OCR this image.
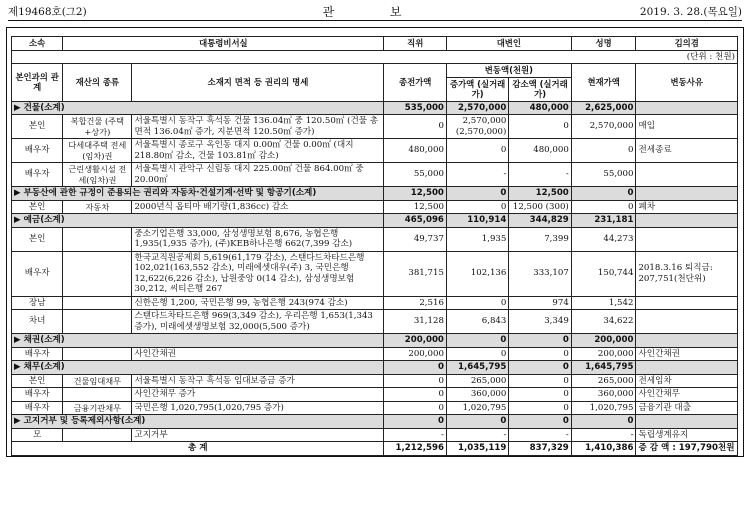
제19468호(그2)	관 보	2019. 3. 28.(목요일)
소속	대통령비서실		직위	대변인		성명	김의겸
(단위 : 천원)							
본인과의 관계	재산의 종류	소재지 면적 등 권리의 명세	종전가액	변동액(천원)		현재가액	변동사유
				증가액 (실거래가)	감소액 (실거래가)		
▶ 건물(소계)			535,000	2,570,000	480,000	2,625,000	
본인	복합건물 (주택+상가)	서울특별시 동작구 흑석동 건물 136.04㎡ 중 120.50㎡ (건물 총면적 136.04㎡ 증가, 지분면적 120.50㎡ 증가)	0	2,570,000 (2,570,000)	0	2,570,000	매입
배우자	다세대주택 전세(임차)권	서울특별시 종로구 옥인동 대지 0.00㎡ 건물 0.00㎡ (대지 218.80㎡ 감소, 건물 103.81㎡ 감소)	480,000	0	480,000	0	전세종료
배우자	근린생활시설 전세(임차)권	서울특별시 관악구 신림동 대지 225.00㎡ 건물 864.00㎡ 중 20.00㎡	55,000	-	-	55,000	
▶ 부동산에 관한 규정이 준용되는 권리와 자동차·건설기계·선박 및 항공기(소계)			12,500	0	12,500	0	
본인	자동차	2000년식 옵티마 배기량(1,836cc) 감소	12,500	0	12,500 (300)	0	폐차
▶ 예금(소계)			465,096	110,914	344,829	231,181	
본인		중소기업은행 33,000, 삼성생명보험 8,676, 농협은행 1,935(1,935 증가), (주)KEB하나은행 662(7,399 감소)	49,737	1,935	7,399	44,273	
배우자		한국교직원공제회 5,619(61,179 감소), 스탠다드차타드은행 102,021(163,552 감소), 미래에셋대우(주) 3, 국민은행 12,622(6,226 감소), 납원중앙 0(14 감소), 삼성생명보험 30,212, 씨티은행 267	381,715	102,136	333,107	150,744	2018.3.16 퇴직금: 207,751(천단위)
장남		신한은행 1,200, 국민은행 99, 농협은행 243(974 감소)	2,516	0	974	1,542	
차녀		스탠다드차타드은행 969(3,349 감소), 우리은행 1,653(1,343 증가), 미래에셋생명보험 32,000(5,500 증가)	31,128	6,843	3,349	34,622	
▶ 채권(소계)			200,000	0	0	200,000	
배우자		사인간채권	200,000	0	0	200,000	사인간채권
▶ 채무(소계)			0	1,645,795	0	1,645,795	
본인	건물임대채무	서울특별시 동작구 흑석동 임대보증금 증가	0	265,000	0	265,000	전세임차
배우자		사인간채무 증가	0	360,000	0	360,000	사인간채무
배우자	금융기관채무	국민은행 1,020,795(1,020,795 증가)	0	1,020,795	0	1,020,795	금융기관 대출
▶ 고지거부 및 등록제외사항(소계)			0	0	0	0	
모		고지거부	-	-	-	-	독립생계유지
총 계			1,212,596	1,035,119	837,329	1,410,386	증 감 액 : 197,790천원
